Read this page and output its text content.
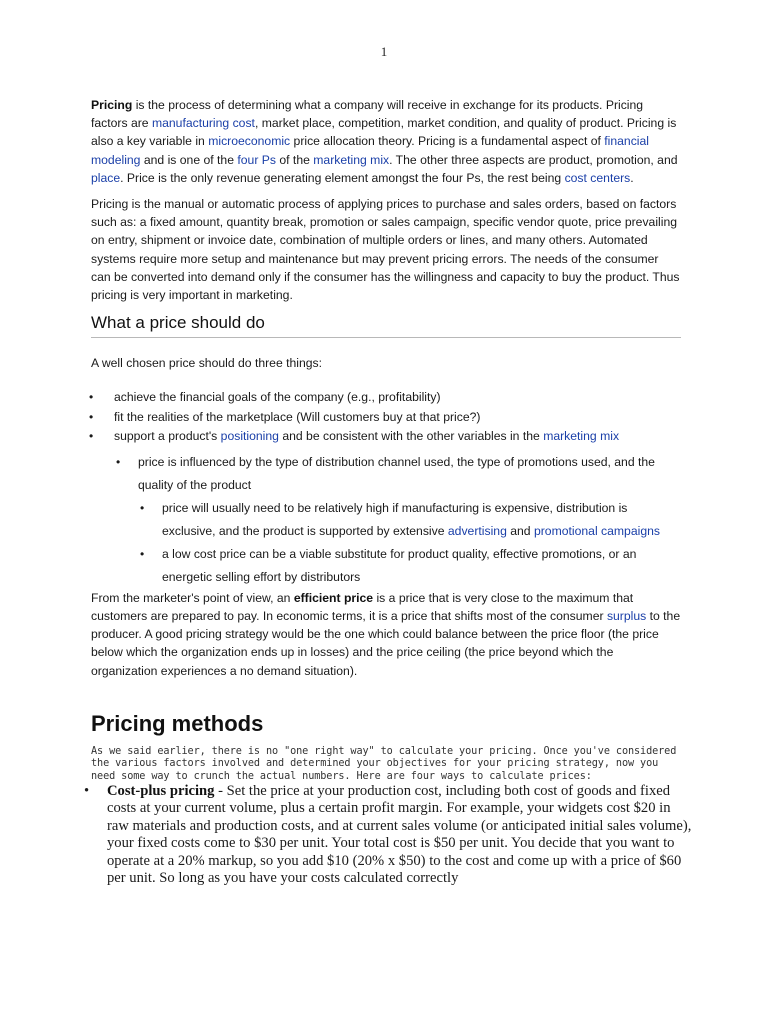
1

Pricing is the process of determining what a company will receive in exchange for its products. Pricing factors are manufacturing cost, market place, competition, market condition, and quality of product. Pricing is also a key variable in microeconomic price allocation theory. Pricing is a fundamental aspect of financial modeling and is one of the four Ps of the marketing mix. The other three aspects are product, promotion, and place. Price is the only revenue generating element amongst the four Ps, the rest being cost centers.

Pricing is the manual or automatic process of applying prices to purchase and sales orders, based on factors such as: a fixed amount, quantity break, promotion or sales campaign, specific vendor quote, price prevailing on entry, shipment or invoice date, combination of multiple orders or lines, and many others. Automated systems require more setup and maintenance but may prevent pricing errors. The needs of the consumer can be converted into demand only if the consumer has the willingness and capacity to buy the product. Thus pricing is very important in marketing.

What a price should do

A well chosen price should do three things:

• achieve the financial goals of the company (e.g., profitability)
• fit the realities of the marketplace (Will customers buy at that price?)
• support a product's positioning and be consistent with the other variables in the marketing mix
• price is influenced by the type of distribution channel used, the type of promotions used, and the quality of the product
• price will usually need to be relatively high if manufacturing is expensive, distribution is exclusive, and the product is supported by extensive advertising and promotional campaigns
• a low cost price can be a viable substitute for product quality, effective promotions, or an energetic selling effort by distributors

From the marketer's point of view, an efficient price is a price that is very close to the maximum that customers are prepared to pay. In economic terms, it is a price that shifts most of the consumer surplus to the producer. A good pricing strategy would be the one which could balance between the price floor (the price below which the organization ends up in losses) and the price ceiling (the price beyond which the organization experiences a no demand situation).

Pricing methods

As we said earlier, there is no "one right way" to calculate your pricing. Once you've considered the various factors involved and determined your objectives for your pricing strategy, now you need some way to crunch the actual numbers. Here are four ways to calculate prices:

• Cost-plus pricing - Set the price at your production cost, including both cost of goods and fixed costs at your current volume, plus a certain profit margin. For example, your widgets cost $20 in raw materials and production costs, and at current sales volume (or anticipated initial sales volume), your fixed costs come to $30 per unit. Your total cost is $50 per unit. You decide that you want to operate at a 20% markup, so you add $10 (20% x $50) to the cost and come up with a price of $60 per unit. So long as you have your costs calculated correctly
